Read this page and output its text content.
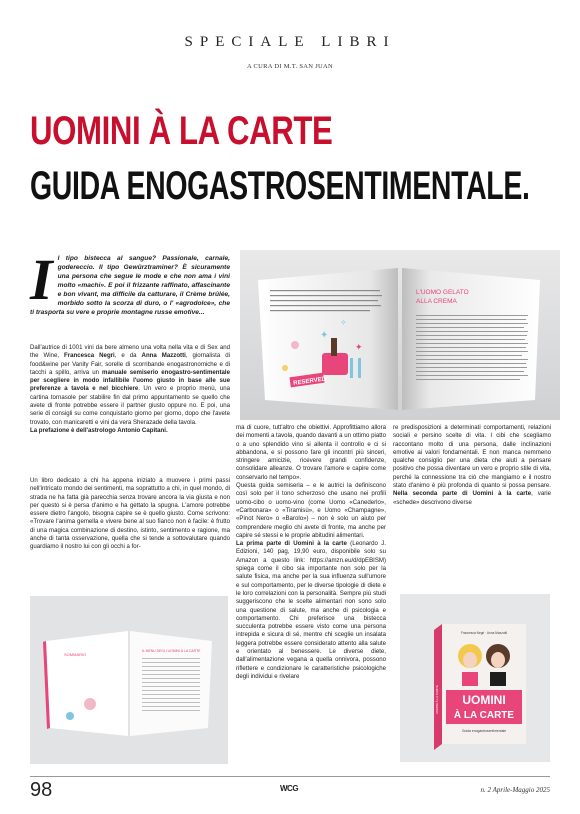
SPECIALE LIBRI
A CURA DI M.T. SAN JUAN
UOMINI À LA CARTE
GUIDA ENOGASTROSENTIMENTALE.
Il tipo bistecca al sangue? Passionale, carnale, godereccio. Il tipo Gewürztraminer? È sicuramente una persona che segue le mode e che non ama i vini molto «machi». E poi il frizzante raffinato, affascinante e bon vivant, ma difficile da catturare, il Crème brûlée, morbido sotto la scorza di duro, o l' «agrodolce», che ti trasporta su vere e proprie montagne russe emotive...

Dall'autrice di 1001 vini da bere almeno una volta nella vita e di Sex and the Wine, Francesca Negri, e da Anna Mazzotti, giornalista di food&wine per Vanity Fair, sorelle di scorribande enogastronomiche e di tacchi a spillo, arriva un manuale semiserio enogastro-sentimentale per scegliere in modo infallibile l'uomo giusto in base alle sue preferenze a tavola e nel bicchiere. Un vero e proprio menù, una cartina tornasole per stabilire fin dal primo appuntamento se quello che avete di fronte potrebbe essere il partner giusto oppure no. E poi, una serie di consigli su come conquistarlo giorno per giorno, dopo che l'avete trovato, con manicaretti e vini da vera Sherazade della tavola.

La prefazione è dell'astrologo Antonio Capitani.

✦
✦
✧
RESERVED
L'UOMO GELATO
ALLA CREMA
Un libro dedicato a chi ha appena iniziato a muovere i primi passi nell'intricato mondo dei sentimenti, ma soprattutto a chi, in quel mondo, di strada ne ha fatta già parecchia senza trovare ancora la via giusta e non per questo si è persa d'animo e ha gettato la spugna. L'amore potrebbe essere dietro l'angolo, bisogna capire se è quello giusto. Come scrivono: «Trovare l'anima gemella e vivere bene al suo fianco non è facile: è frutto di una magica combinazione di destino, istinto, sentimento e ragione, ma anche di tanta osservazione, quella che si tende a sottovalutare quando guardiamo il nostro lui con gli occhi a for-
SOMMARIO
IL MENU DEGLI UOMINI À LA CARTE

ma di cuore, tutt'altro che obiettivi. Approfittiamo allora dei momenti a tavola, quando davanti a un ottimo piatto o a uno splendido vino si allenta il controllo e ci si abbandona, e si possono fare gli incontri più sinceri, stringere amicizie, ricevere grandi confidenze, consolidare alleanze. O trovare l'amore e capire come conservarlo nel tempo».

Questa guida semiseria – e le autrici la definiscono così solo per il tono scherzoso che usano nei profili uomo-cibo o uomo-vino (come Uomo «Canederlo», «Carbonara» o «Tiramisù», e Uomo «Champagne», «Pinot Nero» o «Barolo») – non è solo un aiuto per comprendere meglio chi avete di fronte, ma anche per capire sé stessi e le proprie abitudini alimentari.

La prima parte di Uomini à la carte (Leonardo J. Edizioni, 140 pag, 19,90 euro, disponibile solo su Amazon a questo link: https://amzn.eu/d/dpEBISM) spiega come il cibo sia importante non solo per la salute fisica, ma anche per la sua influenza sull'umore e sul comportamento, per le diverse tipologie di diete e le loro correlazioni con la personalità. Sempre più studi suggeriscono che le scelte alimentari non sono solo una questione di salute, ma anche di psicologia e comportamento. Chi preferisce una bistecca succulenta potrebbe essere visto come una persona intrepida e sicura di sé, mentre chi sceglie un insalata leggera potrebbe essere considerato attento alla salute e orientato al benessere. Le diverse diete, dall'alimentazione vegana a quella onnivora, possono riflettere e condizionare le caratteristiche psicologiche degli individui e rivelare

re predisposizioni a determinati comportamenti, relazioni sociali e persino scelte di vita. I cibi che scegliamo raccontano molto di una persona, dalle inclinazioni emotive ai valori fondamentali. E non manca nemmeno qualche consiglio per una dieta che aiuti a pensare positivo che possa diventare un vero e proprio stile di vita, perché la connessione tra ciò che mangiamo e il nostro stato d'animo è più profonda di quanto si possa pensare. Nella seconda parte di Uomini à la carte, varie «schede» descrivono diverse

Francesca Negri · Anna Mazzotti
UOMINI
À LA CARTE
Guida enogastrosentimentale
UOMINI À LA CARTE
98	WCG	n. 2 Aprile-Maggio 2025
